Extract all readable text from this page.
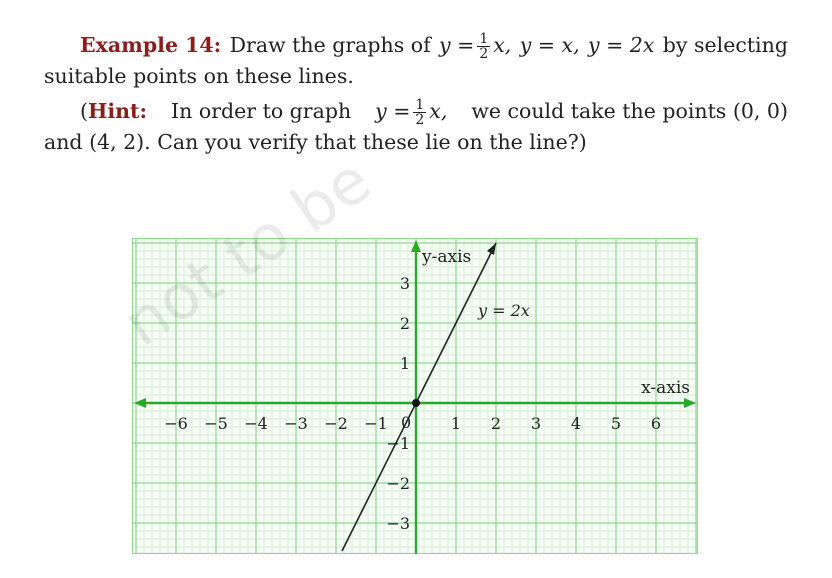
Example 14: Draw the graphs of $y = \frac{1}{2} x$, y = x, y = 2x by selecting
suitable points on these lines.
(Hint: In order to graph $y = \frac{1}{2} x$, we could take the points (0, 0)
and (4, 2). Can you verify that these lie on the line?)
−6 −5 −4 −3 −2 −1	1 2 3 4 5 6
3
2
1
−1
−2
−3
x-axis
y-axis
0
y = 2x
be
